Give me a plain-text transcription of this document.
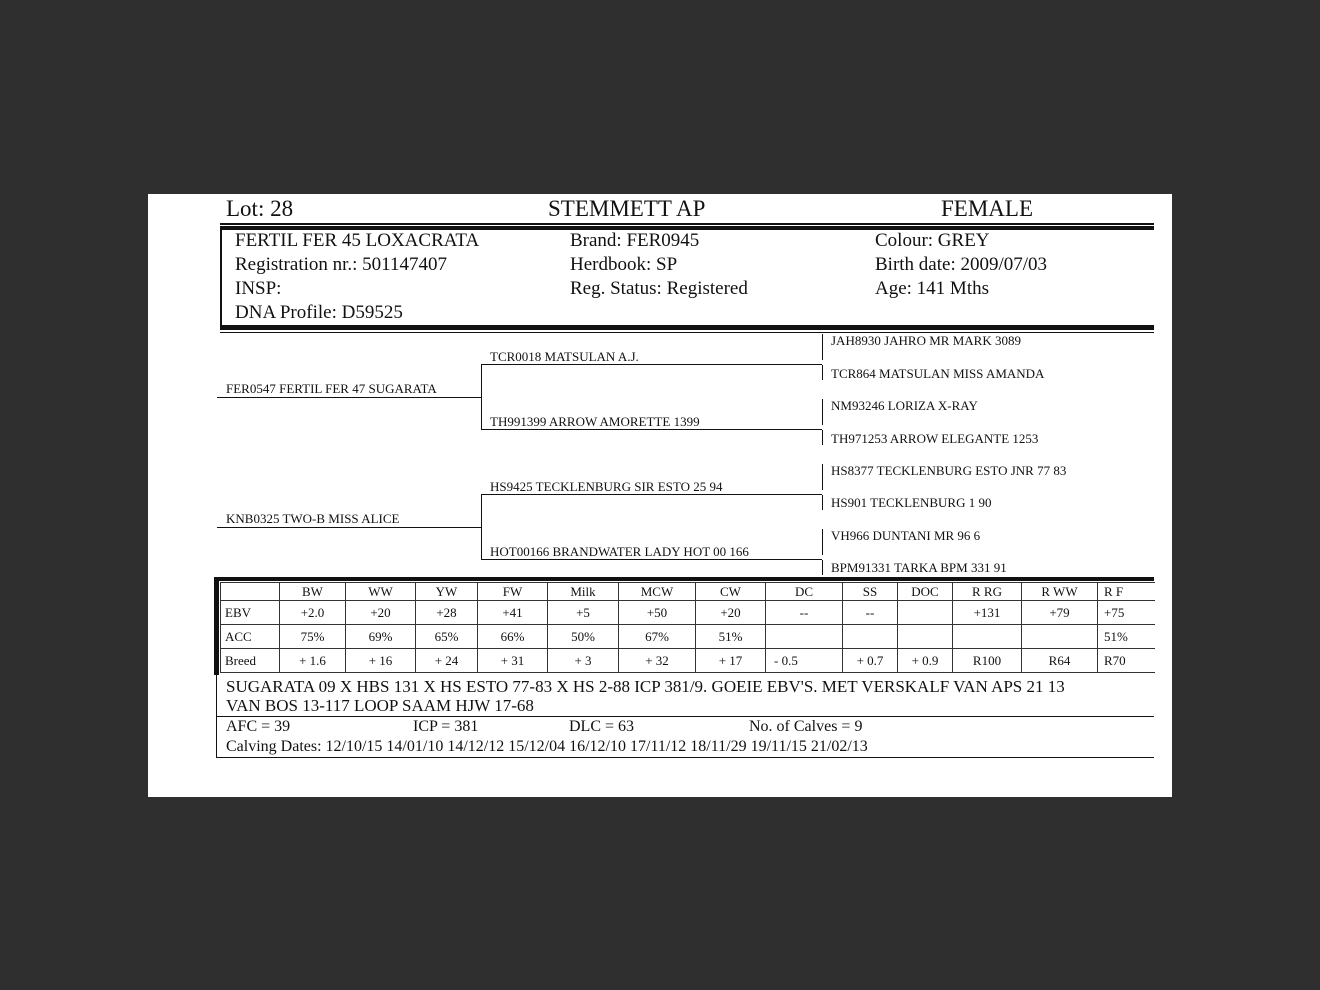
Lot: 28	STEMMETT AP	FEMALE
FERTIL FER 45 LOXACRATA
Registration nr.: 501147407
INSP:
DNA Profile: D59525
Brand: FER0945
Herdbook: SP
Reg. Status: Registered
Colour: GREY
Birth date: 2009/07/03
Age: 141 Mths
FER0547 FERTIL FER 47 SUGARATA
KNB0325 TWO-B MISS ALICE
TCR0018 MATSULAN A.J.
TH991399 ARROW AMORETTE 1399
HS9425 TECKLENBURG SIR ESTO 25 94
HOT00166 BRANDWATER LADY HOT 00 166
JAH8930 JAHRO MR MARK 3089
TCR864 MATSULAN MISS AMANDA
NM93246 LORIZA X-RAY
TH971253 ARROW ELEGANTE 1253
HS8377 TECKLENBURG ESTO JNR 77 83
HS901 TECKLENBURG 1 90
VH966 DUNTANI MR 96 6
BPM91331 TARKA BPM 331 91
	BW	WW	YW	FW	Milk	MCW	CW	DC	SS	DOC	R RG	R WW	R F
EBV	+2.0	+20	+28	+41	+5	+50	+20	--	--		+131	+79	+75
ACC	75%	69%	65%	66%	50%	67%	51%						51%
Breed	+ 1.6	+ 16	+ 24	+ 31	+ 3	+ 32	+ 17	- 0.5	+ 0.7	+ 0.9	R100	R64	R70
SUGARATA 09 X HBS 131 X HS ESTO 77-83 X HS 2-88 ICP 381/9. GOEIE EBV'S. MET VERSKALF VAN APS 21 13
VAN BOS 13-117 LOOP SAAM HJW 17-68
AFC = 39	ICP = 381	DLC = 63	No. of Calves = 9
Calving Dates: 12/10/15 14/01/10 14/12/12 15/12/04 16/12/10 17/11/12 18/11/29 19/11/15 21/02/13
